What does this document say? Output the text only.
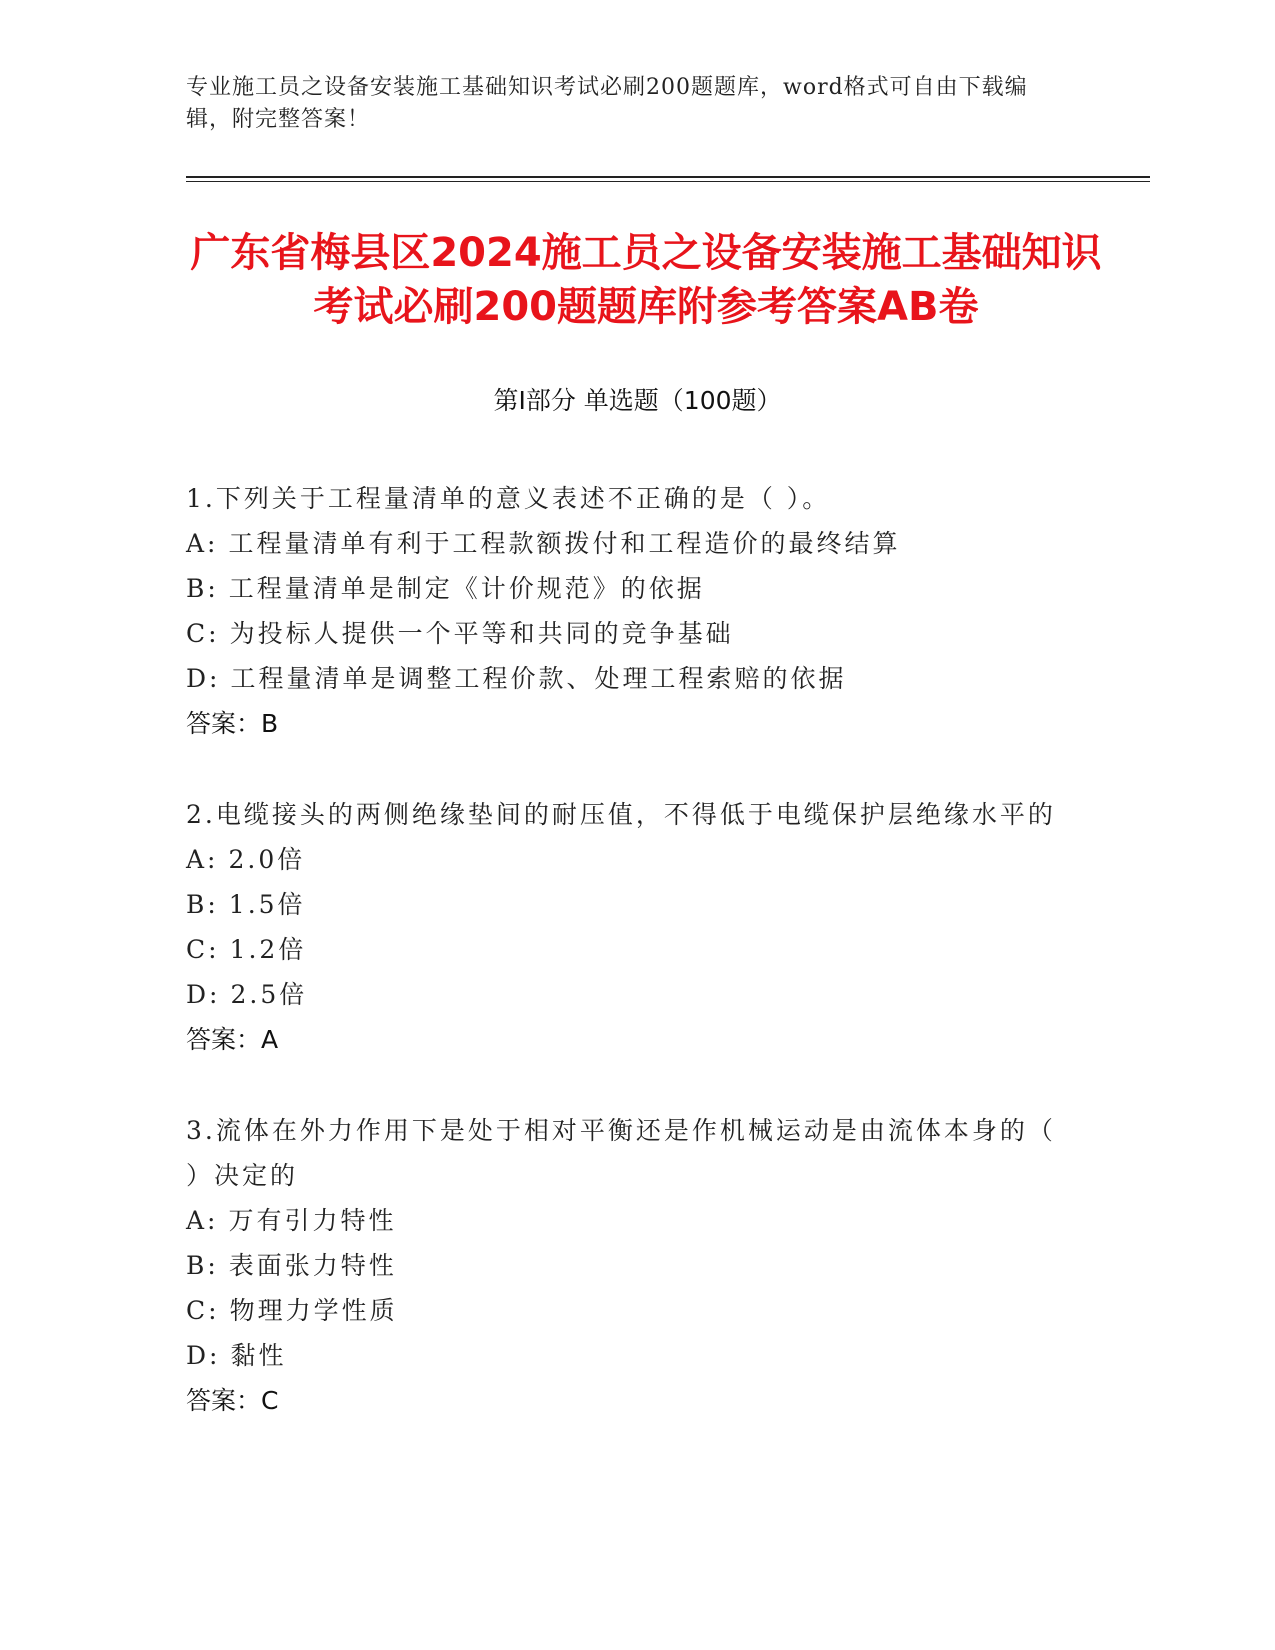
专业施工员之设备安装施工基础知识考试必刷200题题库，word格式可自由下载编辑，附完整答案！
广东省梅县区2024施工员之设备安装施工基础知识考试必刷200题题库附参考答案AB卷
第Ⅰ部分 单选题（100题）
1.下列关于工程量清单的意义表述不正确的是（ ）。
A: 工程量清单有利于工程款额拨付和工程造价的最终结算
B: 工程量清单是制定《计价规范》的依据
C: 为投标人提供一个平等和共同的竞争基础
D: 工程量清单是调整工程价款、处理工程索赔的依据
答案：B
2.电缆接头的两侧绝缘垫间的耐压值，不得低于电缆保护层绝缘水平的
A: 2.0倍
B: 1.5倍
C: 1.2倍
D: 2.5倍
答案：A
3.流体在外力作用下是处于相对平衡还是作机械运动是由流体本身的（ ）决定的
A: 万有引力特性
B: 表面张力特性
C: 物理力学性质
D: 黏性
答案：C
